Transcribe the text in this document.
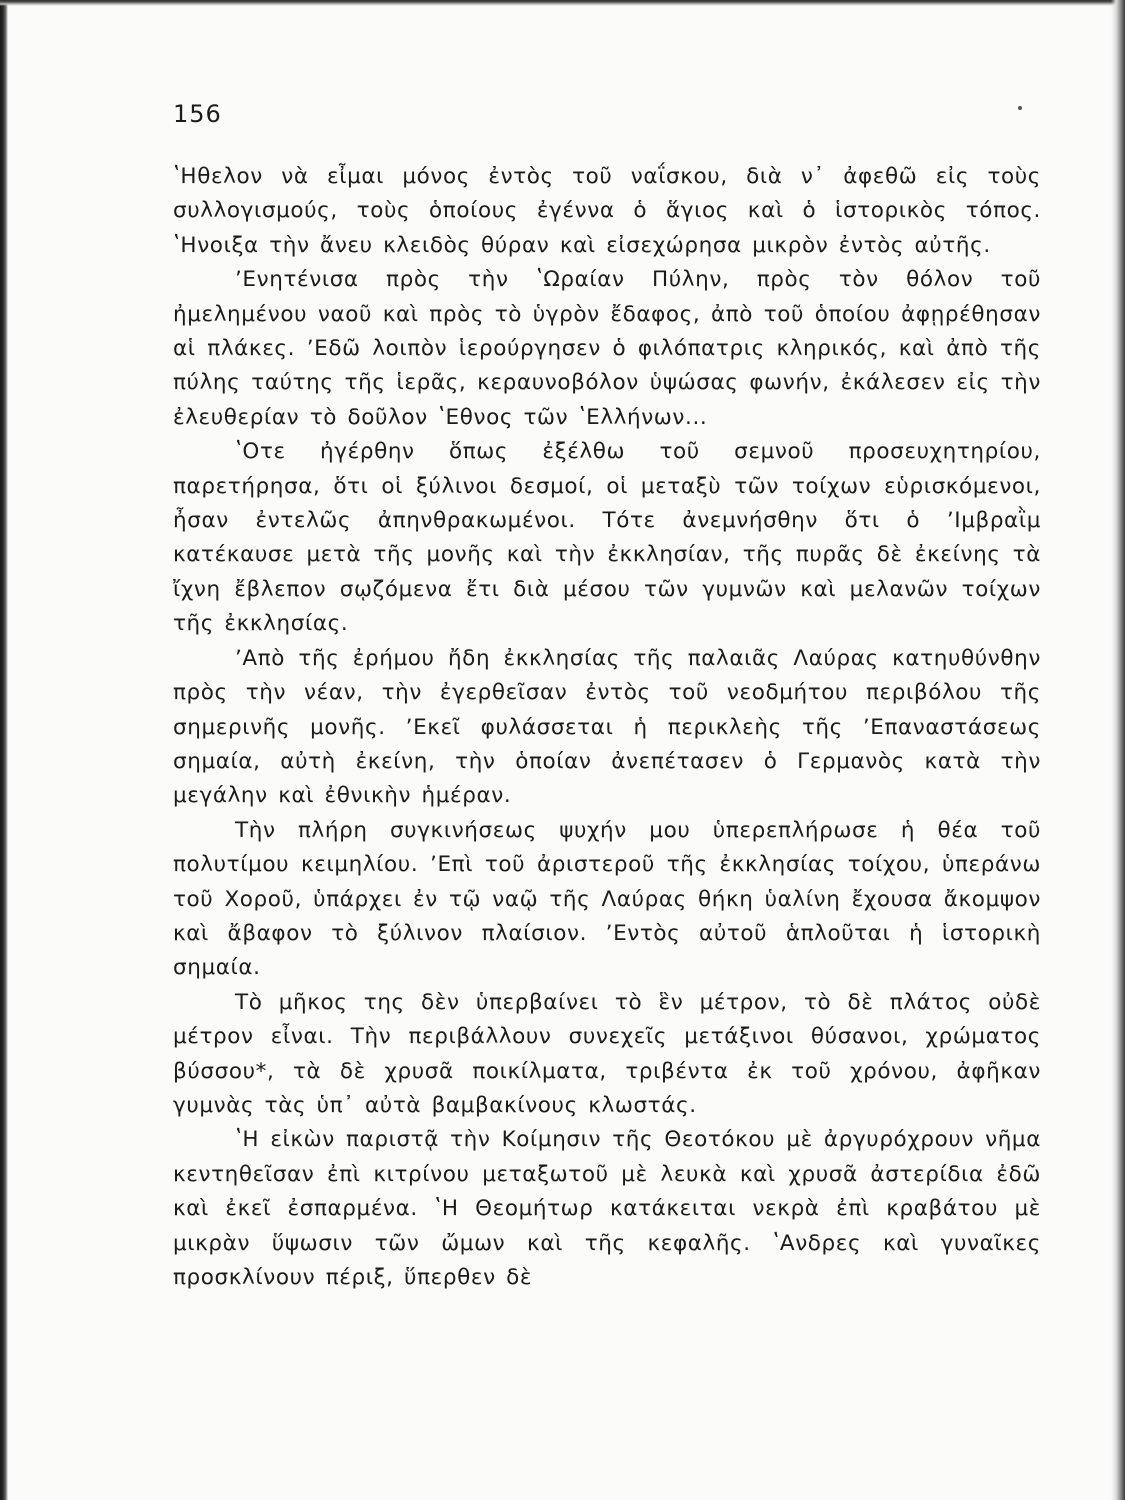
156

ʽΗθελον νὰ εἶμαι μόνος ἐντὸς τοῦ ναΐσκου, διὰ ν᾿ ἀφεθῶ εἰς τοὺς συλλογισμούς, τοὺς ὁποίους ἐγέννα ὁ ἅγιος καὶ ὁ ἱστορικὸς τόπος. ʽΗνοιξα τὴν ἄνευ κλειδὸς θύραν καὶ εἰσεχώρησα μικρὸν ἐντὸς αὐτῆς.

ʼΕνητένισα πρὸς τὴν ʽΩραίαν Πύλην, πρὸς τὸν θόλον τοῦ ἠμελημένου ναοῦ καὶ πρὸς τὸ ὑγρὸν ἔδαφος, ἀπὸ τοῦ ὁποίου ἀφῃρέθησαν αἱ πλάκες. ʼΕδῶ λοιπὸν ἱερούργησεν ὁ φιλόπατρις κληρικός, καὶ ἀπὸ τῆς πύλης ταύτης τῆς ἱερᾶς, κεραυνοβόλον ὑψώσας φωνήν, ἐκάλεσεν εἰς τὴν ἐλευθερίαν τὸ δοῦλον ʽΕθνος τῶν ʽΕλλήνων...

ʽΟτε ἠγέρθην ὅπως ἐξέλθω τοῦ σεμνοῦ προσευχητηρίου, παρετήρησα, ὅτι οἱ ξύλινοι δεσμοί, οἱ μεταξὺ τῶν τοίχων εὑρισκόμενοι, ἦσαν ἐντελῶς ἀπηνθρακωμένοι. Τότε ἀνεμνήσθην ὅτι ὁ ʼΙμβραῒμ κατέκαυσε μετὰ τῆς μονῆς καὶ τὴν ἐκκλησίαν, τῆς πυρᾶς δὲ ἐκείνης τὰ ἴχνη ἔβλεπον σῳζόμενα ἔτι διὰ μέσου τῶν γυμνῶν καὶ μελανῶν τοίχων τῆς ἐκκλησίας.

ʼΑπὸ τῆς ἐρήμου ἤδη ἐκκλησίας τῆς παλαιᾶς Λαύρας κατηυθύνθην πρὸς τὴν νέαν, τὴν ἐγερθεῖσαν ἐντὸς τοῦ νεοδμήτου περιβόλου τῆς σημερινῆς μονῆς. ʼΕκεῖ φυλάσσεται ἡ περικλεὴς τῆς ʼΕπαναστάσεως σημαία, αὐτὴ ἐκείνη, τὴν ὁποίαν ἀνεπέτασεν ὁ Γερμανὸς κατὰ τὴν μεγάλην καὶ ἐθνικὴν ἡμέραν.

Τὴν πλήρη συγκινήσεως ψυχήν μου ὑπερεπλήρωσε ἡ θέα τοῦ πολυτίμου κειμηλίου. ʼΕπὶ τοῦ ἀριστεροῦ τῆς ἐκκλησίας τοίχου, ὑπεράνω τοῦ Χοροῦ, ὑπάρχει ἐν τῷ ναῷ τῆς Λαύρας θήκη ὑαλίνη ἔχουσα ἄκομψον καὶ ἄβαφον τὸ ξύλινον πλαίσιον. ʼΕντὸς αὐτοῦ ἁπλοῦται ἡ ἱστορικὴ σημαία.

Τὸ μῆκος της δὲν ὑπερβαίνει τὸ ἓν μέτρον, τὸ δὲ πλάτος οὐδὲ μέτρον εἶναι. Τὴν περιβάλλουν συνεχεῖς μετάξινοι θύσανοι, χρώματος βύσσου*, τὰ δὲ χρυσᾶ ποικίλματα, τριβέντα ἐκ τοῦ χρόνου, ἀφῆκαν γυμνὰς τὰς ὑπ᾿ αὐτὰ βαμβακίνους κλωστάς.

ʽΗ εἰκὼν παριστᾷ τὴν Κοίμησιν τῆς Θεοτόκου μὲ ἀργυρόχρουν νῆμα κεντηθεῖσαν ἐπὶ κιτρίνου μεταξωτοῦ μὲ λευκὰ καὶ χρυσᾶ ἀστερίδια ἐδῶ καὶ ἐκεῖ ἐσπαρμένα. ʽΗ Θεομήτωρ κατάκειται νεκρὰ ἐπὶ κραβάτου μὲ μικρὰν ὕψωσιν τῶν ὤμων καὶ τῆς κεφαλῆς. ʽΑνδρες καὶ γυναῖκες προσκλίνουν πέριξ, ὕπερθεν δὲ
